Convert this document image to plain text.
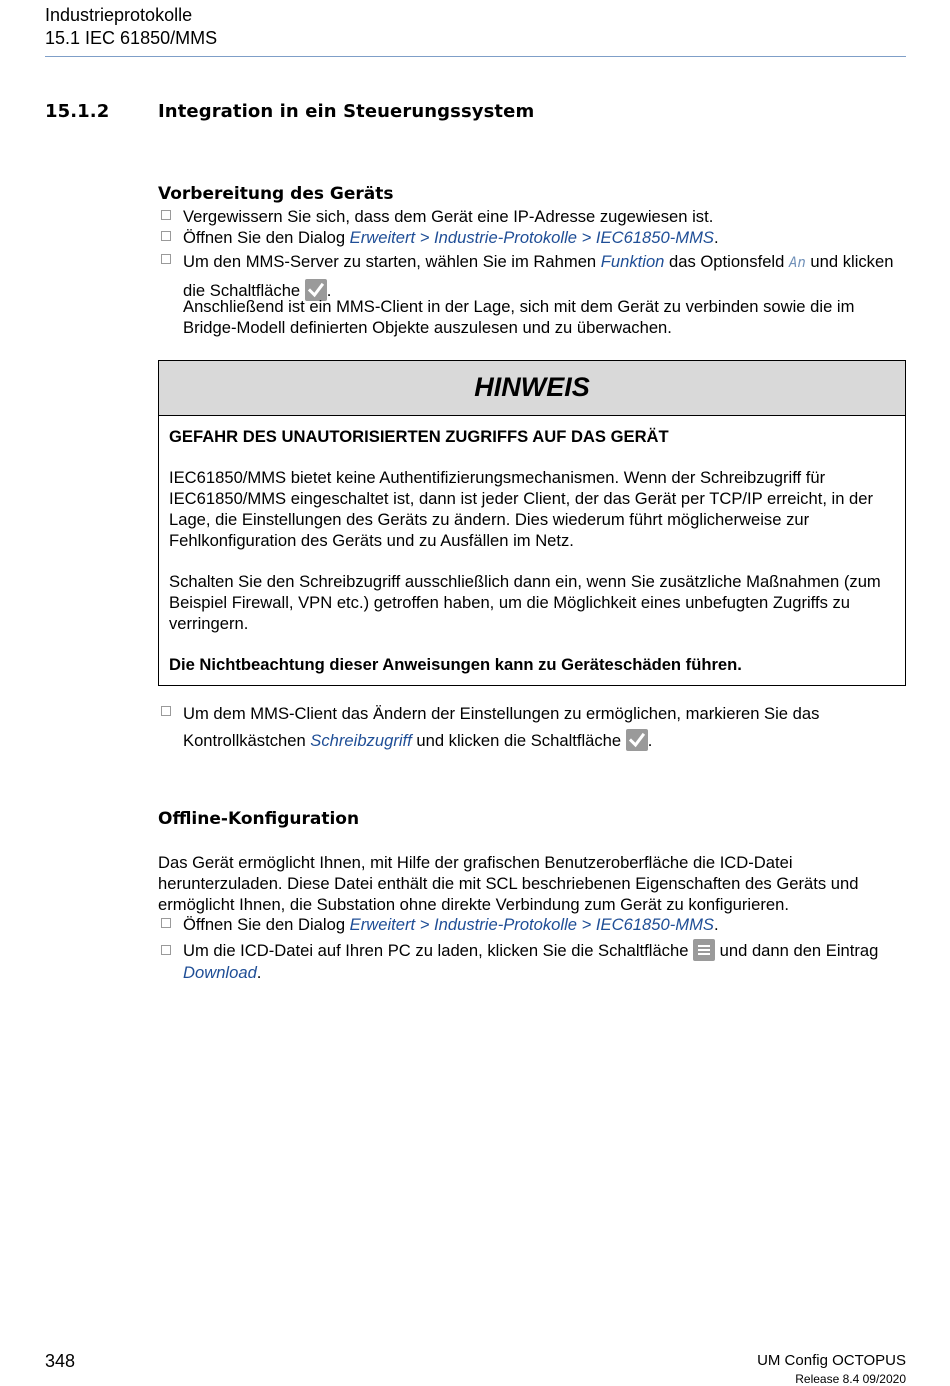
Industrieprotokolle
15.1 IEC 61850/MMS
15.1.2	Integration in ein Steuerungssystem
Vorbereitung des Geräts
Vergewissern Sie sich, dass dem Gerät eine IP-Adresse zugewiesen ist.
Öffnen Sie den Dialog Erweitert > Industrie-Protokolle > IEC61850-MMS.
Um den MMS-Server zu starten, wählen Sie im Rahmen Funktion das Optionsfeld An und klicken die Schaltfläche
.
Anschließend ist ein MMS-Client in der Lage, sich mit dem Gerät zu verbinden sowie die im Bridge-Modell definierten Objekte auszulesen und zu überwachen.
HINWEIS

GEFAHR DES UNAUTORISIERTEN ZUGRIFFS AUF DAS GERÄT

IEC61850/MMS bietet keine Authentifizierungsmechanismen. Wenn der Schreibzugriff für IEC61850/MMS eingeschaltet ist, dann ist jeder Client, der das Gerät per TCP/IP erreicht, in der Lage, die Einstellungen des Geräts zu ändern. Dies wiederum führt möglicherweise zur Fehlkonfiguration des Geräts und zu Ausfällen im Netz.

Schalten Sie den Schreibzugriff ausschließlich dann ein, wenn Sie zusätzliche Maßnahmen (zum Beispiel Firewall, VPN etc.) getroffen haben, um die Möglichkeit eines unbefugten Zugriffs zu verringern.

Die Nichtbeachtung dieser Anweisungen kann zu Geräteschäden führen.

Um dem MMS-Client das Ändern der Einstellungen zu ermöglichen, markieren Sie das Kontrollkästchen Schreibzugriff und klicken die Schaltfläche
.
Offline-Konfiguration
Das Gerät ermöglicht Ihnen, mit Hilfe der grafischen Benutzeroberfläche die ICD-Datei herunterzuladen. Diese Datei enthält die mit SCL beschriebenen Eigenschaften des Geräts und ermöglicht Ihnen, die Substation ohne direkte Verbindung zum Gerät zu konfigurieren.
Öffnen Sie den Dialog Erweitert > Industrie-Protokolle > IEC61850-MMS.
Um die ICD-Datei auf Ihren PC zu laden, klicken Sie die Schaltfläche
und dann den Eintrag Download.
348	UM Config OCTOPUS
Release 8.4 09/2020
